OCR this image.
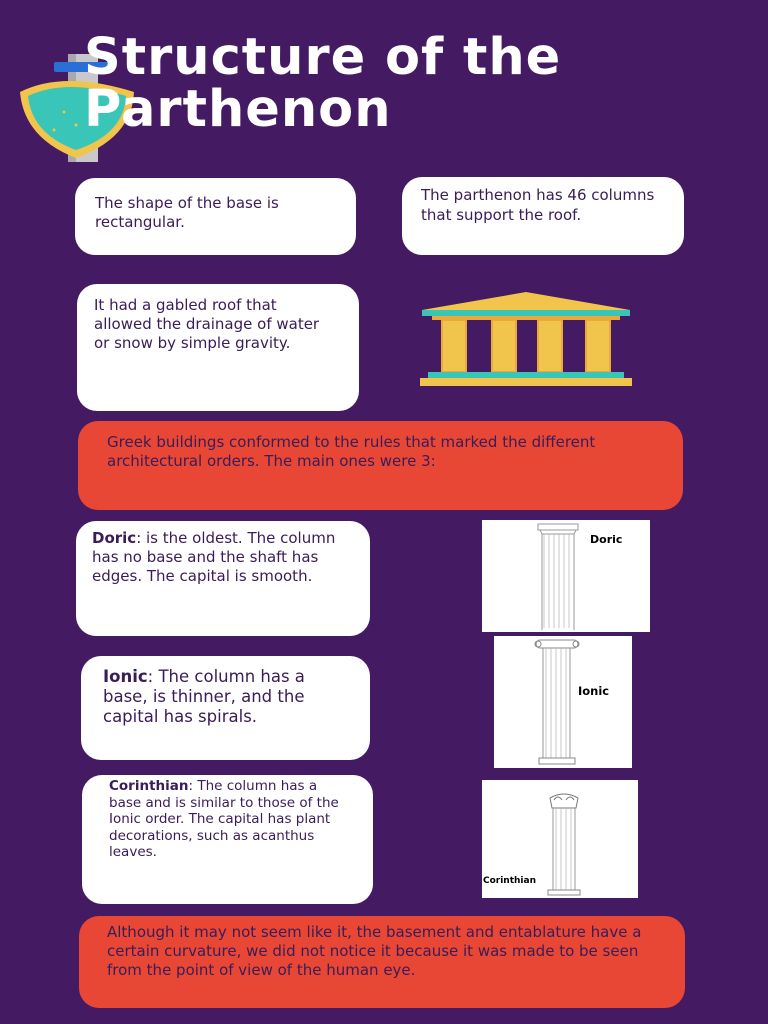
Structure of the Parthenon
The shape of the base is rectangular.
The parthenon has 46 columns that support the roof.
It had a gabled roof that allowed the drainage of water or snow by simple gravity.
Greek buildings conformed to the rules that marked the different architectural orders. The main ones were 3:
Doric: is the oldest. The column has no base and the shaft has edges. The capital is smooth.
Doric
Ionic: The column has a base, is thinner, and the capital has spirals.
Ionic
Corinthian: The column has a base and is similar to those of the Ionic order. The capital has plant decorations, such as acanthus leaves.
Corinthian
Although it may not seem like it, the basement and entablature have a certain curvature, we did not notice it because it was made to be seen from the point of view of the human eye.
